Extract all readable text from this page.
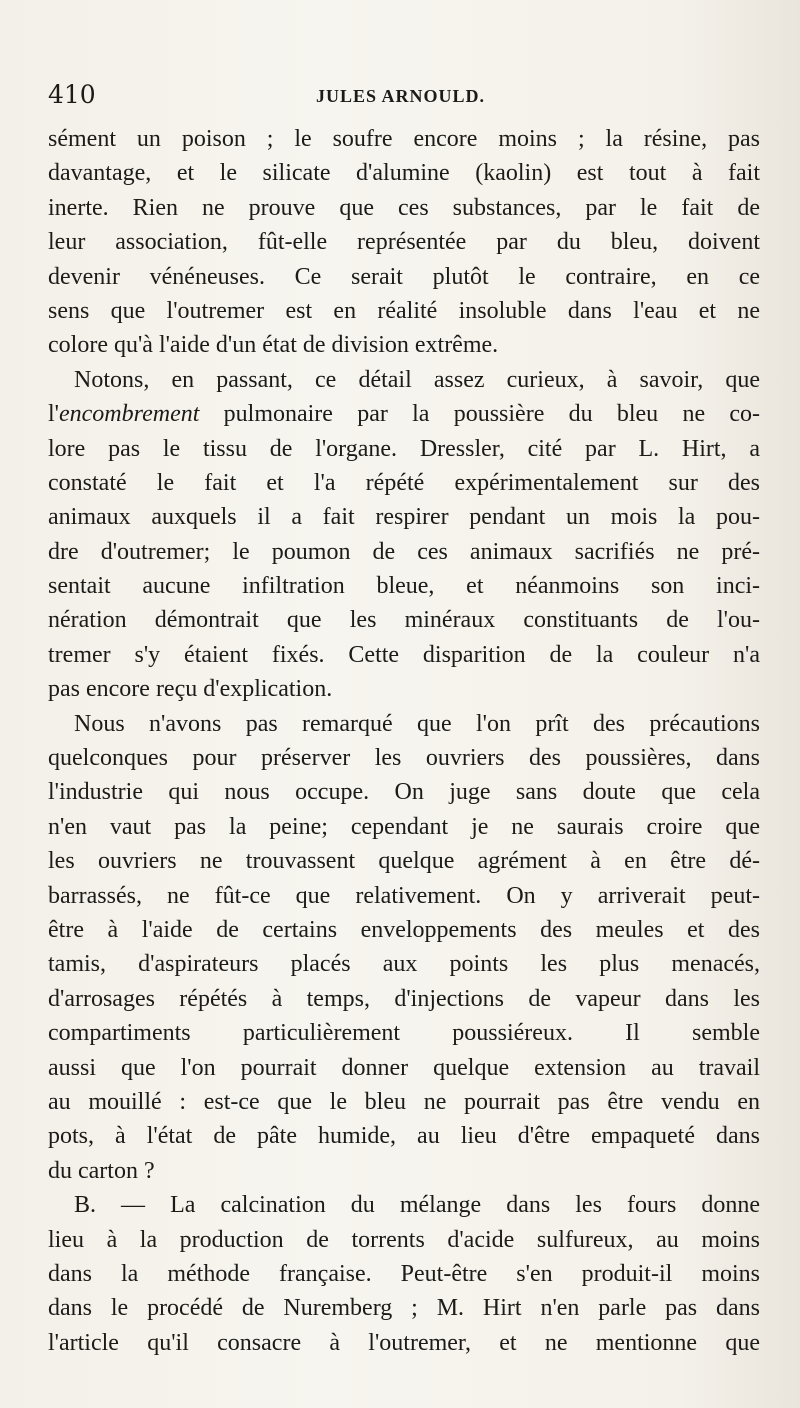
410	JULES ARNOULD.
sément un poison ; le soufre encore moins ; la résine, pas
davantage, et le silicate d'alumine (kaolin) est tout à fait
inerte. Rien ne prouve que ces substances, par le fait de
leur association, fût-elle représentée par du bleu, doivent
devenir vénéneuses. Ce serait plutôt le contraire, en ce
sens que l'outremer est en réalité insoluble dans l'eau et ne
colore qu'à l'aide d'un état de division extrême.
Notons, en passant, ce détail assez curieux, à savoir, que
l'encombrement pulmonaire par la poussière du bleu ne co-
lore pas le tissu de l'organe. Dressler, cité par L. Hirt, a
constaté le fait et l'a répété expérimentalement sur des
animaux auxquels il a fait respirer pendant un mois la pou-
dre d'outremer; le poumon de ces animaux sacrifiés ne pré-
sentait aucune infiltration bleue, et néanmoins son inci-
nération démontrait que les minéraux constituants de l'ou-
tremer s'y étaient fixés. Cette disparition de la couleur n'a
pas encore reçu d'explication.
Nous n'avons pas remarqué que l'on prît des précautions
quelconques pour préserver les ouvriers des poussières, dans
l'industrie qui nous occupe. On juge sans doute que cela
n'en vaut pas la peine; cependant je ne saurais croire que
les ouvriers ne trouvassent quelque agrément à en être dé-
barrassés, ne fût-ce que relativement. On y arriverait peut-
être à l'aide de certains enveloppements des meules et des
tamis, d'aspirateurs placés aux points les plus menacés,
d'arrosages répétés à temps, d'injections de vapeur dans les
compartiments particulièrement poussiéreux. Il semble
aussi que l'on pourrait donner quelque extension au travail
au mouillé : est-ce que le bleu ne pourrait pas être vendu en
pots, à l'état de pâte humide, au lieu d'être empaqueté dans
du carton ?
B. — La calcination du mélange dans les fours donne
lieu à la production de torrents d'acide sulfureux, au moins
dans la méthode française. Peut-être s'en produit-il moins
dans le procédé de Nuremberg ; M. Hirt n'en parle pas dans
l'article qu'il consacre à l'outremer, et ne mentionne que
